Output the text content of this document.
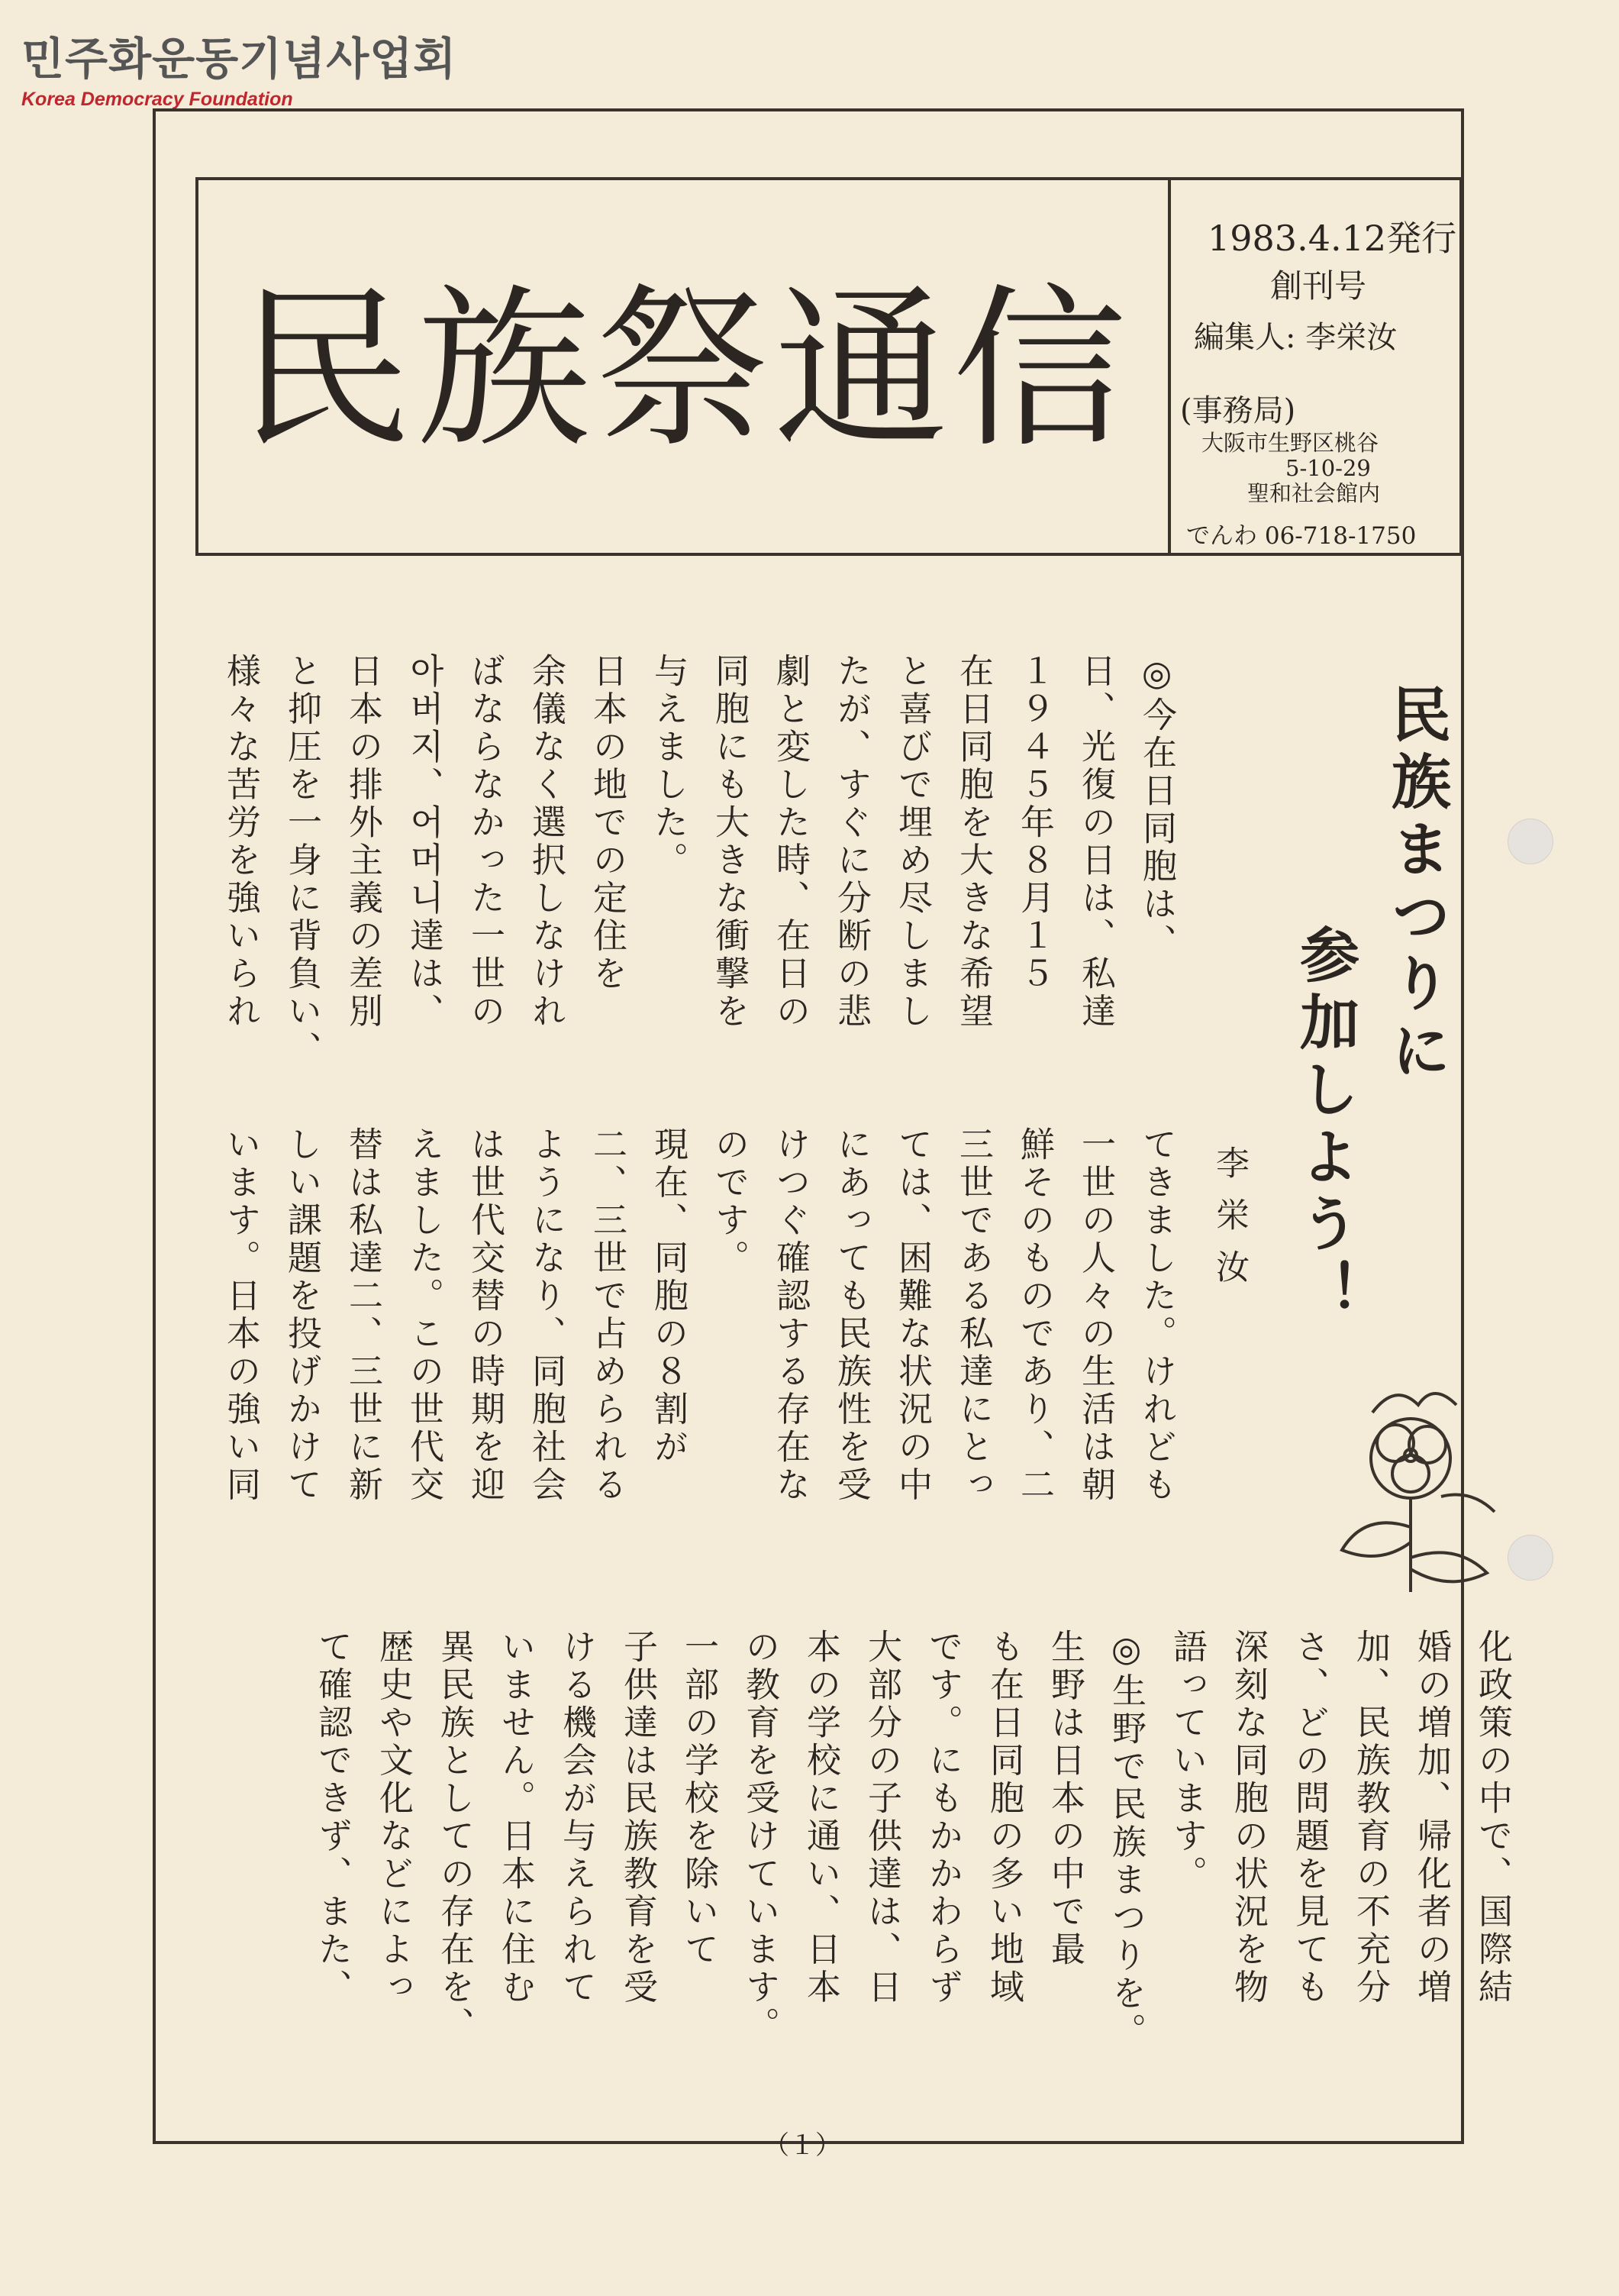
민주화운동기념사업회
Korea Democracy Foundation
民族祭通信
1983.4.12発行
創刊号
編集人: 李栄汝
(事務局)
大阪市生野区桃谷
5-10-29
聖和社会館内
でんわ 06-718-1750
民族まつりに
参加しよう！
李栄汝
◎今在日同胞は、
日、光復の日は、私達
１９４５年８月１５
在日同胞を大きな希望
と喜びで埋め尽しまし
たが、すぐに分断の悲
劇と変した時、在日の
同胞にも大きな衝撃を
与えました。
日本の地での定住を
余儀なく選択しなけれ
ばならなかった一世の
아버지、어머니達は、
日本の排外主義の差別
と抑圧を一身に背負い、
様々な苦労を強いられ
てきました。けれども
一世の人々の生活は朝
鮮そのものであり、二
三世である私達にとっ
ては、困難な状況の中
にあっても民族性を受
けつぐ確認する存在な
のです。
現在、同胞の８割が
二、三世で占められる
ようになり、同胞社会
は世代交替の時期を迎
えました。この世代交
替は私達二、三世に新
しい課題を投げかけて
います。日本の強い同
化政策の中で、国際結
婚の増加、帰化者の増
加、民族教育の不充分
さ、どの問題を見ても
深刻な同胞の状況を物
語っています。
◎生野で民族まつりを。
生野は日本の中で最
も在日同胞の多い地域
です。にもかかわらず
大部分の子供達は、日
本の学校に通い、日本
の教育を受けています。
一部の学校を除いて
子供達は民族教育を受
ける機会が与えられて
いません。日本に住む
異民族としての存在を、
歴史や文化などによっ
て確認できず、また、
（１）
